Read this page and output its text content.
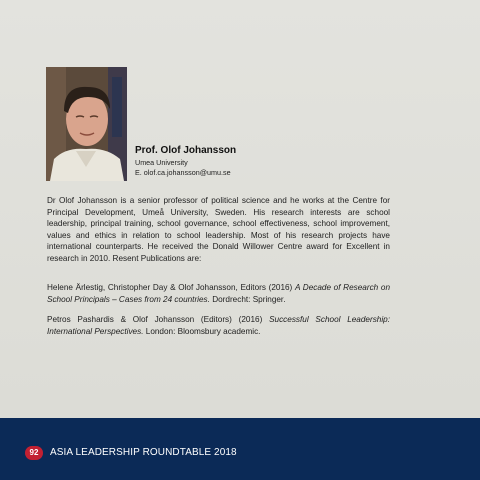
Prof. Olof Johansson
Umea University
E. olof.ca.johansson@umu.se
Dr Olof Johansson is a senior professor of political science and he works at the Centre for Principal Development, Umeå University, Sweden. His research interests are school leadership, principal training, school governance, school effectiveness, school improvement, values and ethics in relation to school leadership. Most of his research projects have international counterparts. He received the Donald Willower Centre award for Excellent in research in 2010. Resent Publications are:
Helene Ärlestig, Christopher Day & Olof Johansson, Editors (2016) A Decade of Research on School Principals – Cases from 24 countries. Dordrecht: Springer.
Petros Pashardis & Olof Johansson (Editors) (2016) Successful School Leadership: International Perspectives. London: Bloomsbury academic.
92	ASIA LEADERSHIP ROUNDTABLE 2018
